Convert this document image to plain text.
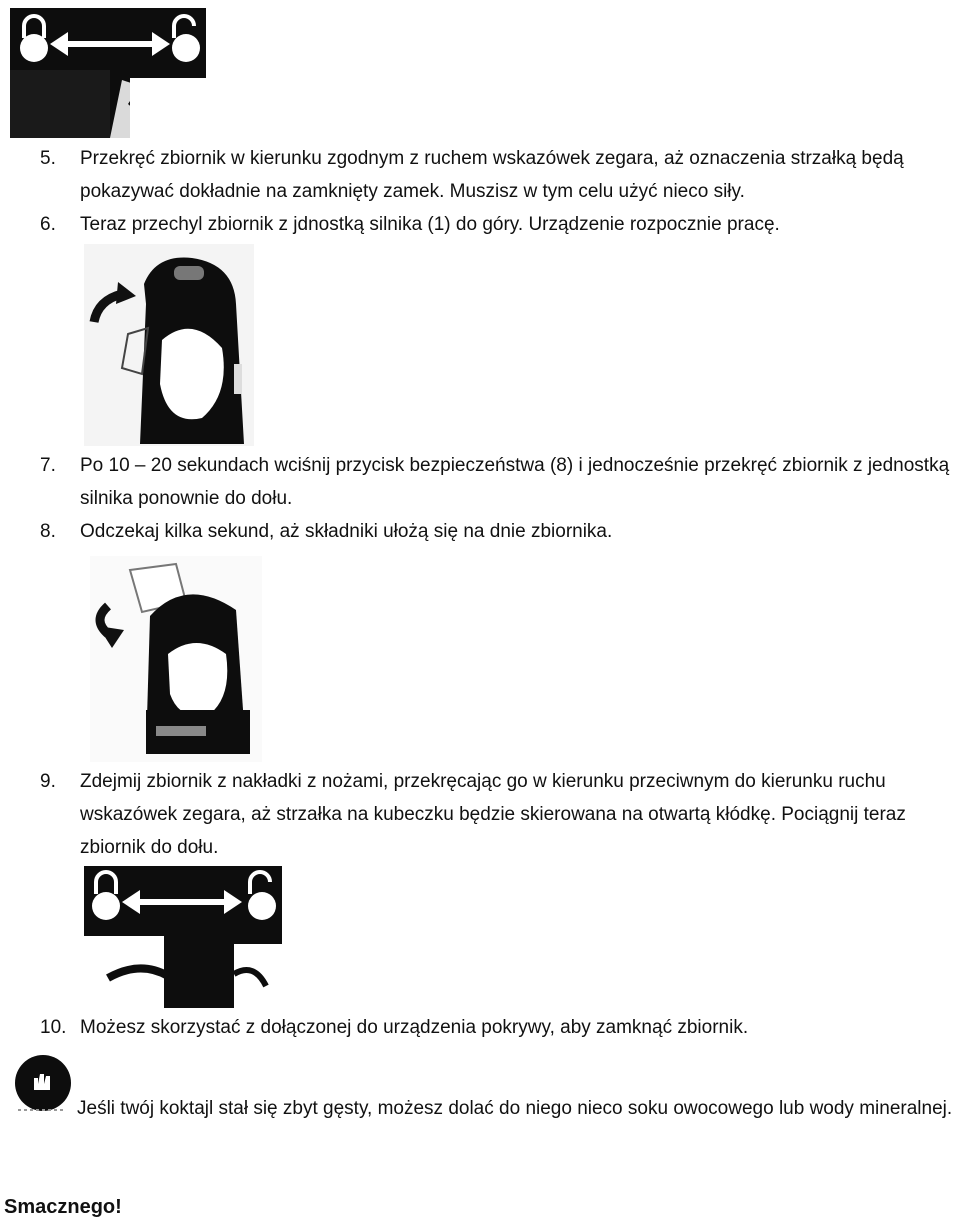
5.	Przekręć zbiornik w kierunku zgodnym z ruchem wskazówek zegara, aż oznaczenia strzałką będą pokazywać dokładnie na zamknięty zamek. Muszisz w tym celu użyć nieco siły.
6.	Teraz przechyl zbiornik z jdnostką silnika (1) do góry. Urządzenie rozpocznie pracę.
7.	Po 10 – 20 sekundach wciśnij przycisk bezpieczeństwa (8) i jednocześnie przekręć zbiornik z jednostką silnika ponownie do dołu.
8.	Odczekaj kilka sekund, aż składniki ułożą się na dnie zbiornika.
9.	Zdejmij zbiornik z nakładki z nożami, przekręcając go w kierunku przeciwnym do kierunku ruchu wskazówek zegara, aż strzałka na kubeczku będzie skierowana na otwartą kłódkę. Pociągnij teraz zbiornik do dołu.
10. Możesz skorzystać z dołączonej do urządzenia pokrywy, aby zamknąć zbiornik.
Jeśli twój koktajl stał się zbyt gęsty, możesz dolać do niego nieco soku owocowego lub wody mineralnej.
Smacznego!
